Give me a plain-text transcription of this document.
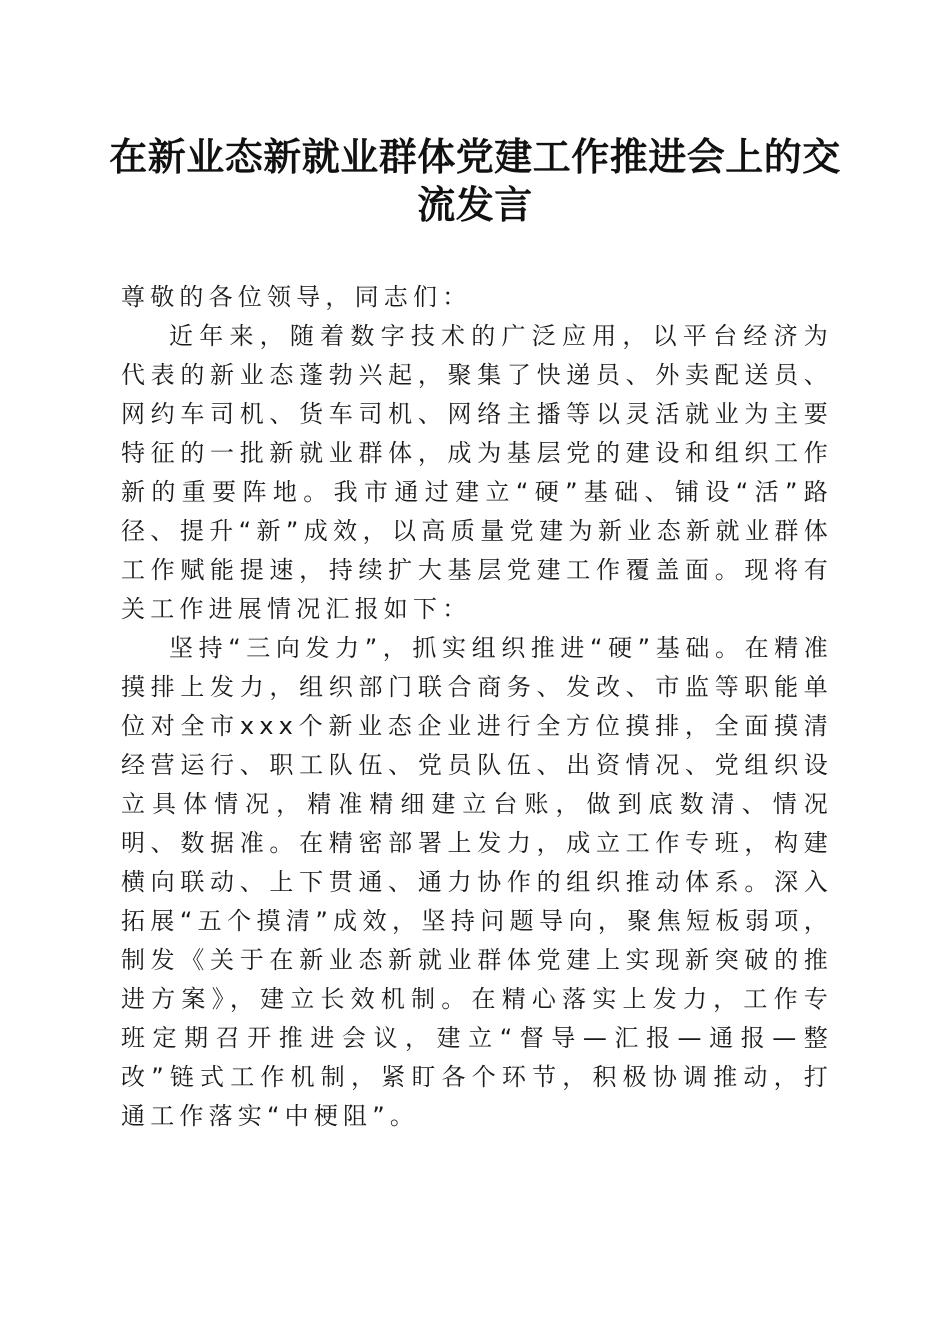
在新业态新就业群体党建工作推进会上的交流发言

尊敬的各位领导，同志们：

近年来，随着数字技术的广泛应用，以平台经济为代表的新业态蓬勃兴起，聚集了快递员、外卖配送员、网约车司机、货车司机、网络主播等以灵活就业为主要特征的一批新就业群体，成为基层党的建设和组织工作新的重要阵地。我市通过建立“硬”基础、铺设“活”路径、提升“新”成效，以高质量党建为新业态新就业群体工作赋能提速，持续扩大基层党建工作覆盖面。现将有关工作进展情况汇报如下：

坚持“三向发力”，抓实组织推进“硬”基础。在精准摸排上发力，组织部门联合商务、发改、市监等职能单位对全市xxx个新业态企业进行全方位摸排，全面摸清经营运行、职工队伍、党员队伍、出资情况、党组织设立具体情况，精准精细建立台账，做到底数清、情况明、数据准。在精密部署上发力，成立工作专班，构建横向联动、上下贯通、通力协作的组织推动体系。深入拓展“五个摸清”成效，坚持问题导向，聚焦短板弱项，制发《关于在新业态新就业群体党建上实现新突破的推进方案》，建立长效机制。在精心落实上发力，工作专班定期召开推进会议，建立“督导—汇报—通报—整改”链式工作机制，紧盯各个环节，积极协调推动，打通工作落实“中梗阻”。
